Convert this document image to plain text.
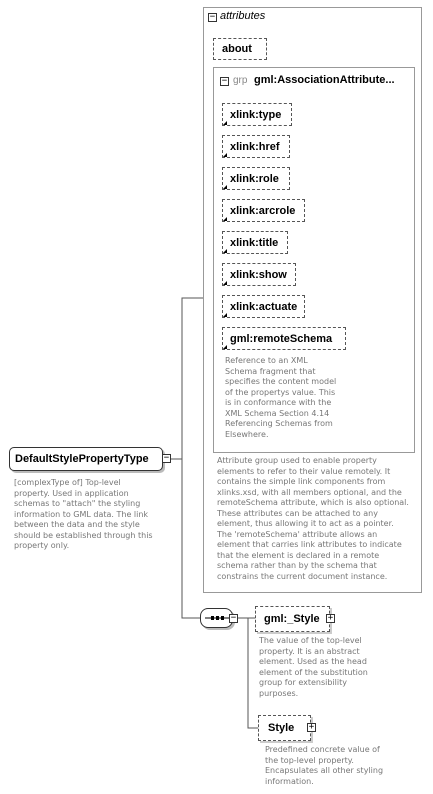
− attributes
about
− grp gml:AssociationAttribute...
xlink:type
xlink:href
xlink:role
xlink:arcrole
xlink:title
xlink:show
xlink:actuate
gml:remoteSchema
Reference to an XML
Schema fragment that
specifies the content model
of the propertys value. This
is in conformance with the
XML Schema Section 4.14
Referencing Schemas from
Elsewhere.
Attribute group used to enable property
elements to refer to their value remotely. It
contains the simple link components from
xlinks.xsd, with all members optional, and the
remoteSchema attribute, which is also optional.
These attributes can be attached to any
element, thus allowing it to act as a pointer.
The 'remoteSchema' attribute allows an
element that carries link attributes to indicate
that the element is declared in a remote
schema rather than by the schema that
constrains the current document instance.
DefaultStylePropertyType −
[complexType of] Top-level
property. Used in application
schemas to "attach" the styling
information to GML data. The link
between the data and the style
should be established through this
property only.
−	gml:_Style +
The value of the top-level
property. It is an abstract
element. Used as the head
element of the substitution
group for extensibility
purposes.
Style +
Predefined concrete value of
the top-level property.
Encapsulates all other styling
information.
